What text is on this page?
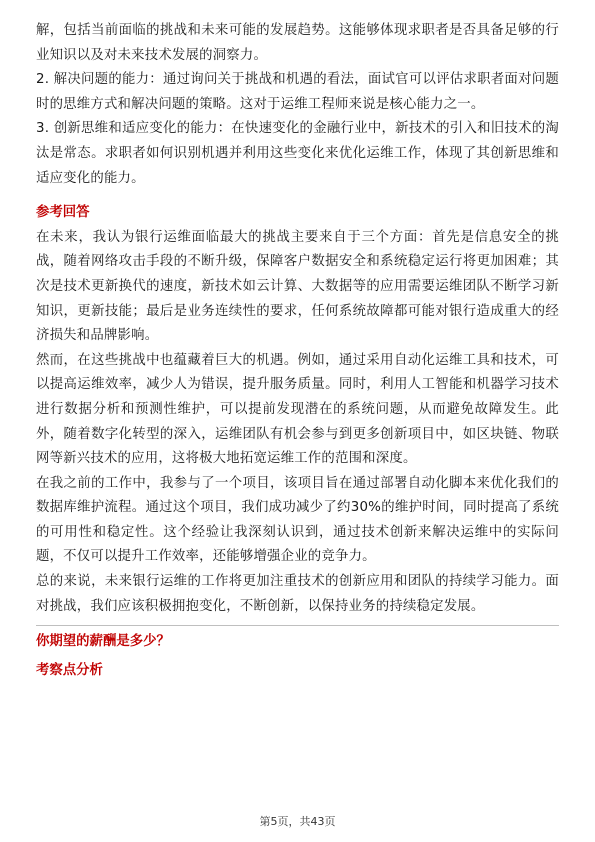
解，包括当前面临的挑战和未来可能的发展趋势。这能够体现求职者是否具备足够的行业知识以及对未来技术发展的洞察力。

2. 解决问题的能力：通过询问关于挑战和机遇的看法，面试官可以评估求职者面对问题时的思维方式和解决问题的策略。这对于运维工程师来说是核心能力之一。

3. 创新思维和适应变化的能力：在快速变化的金融行业中，新技术的引入和旧技术的淘汰是常态。求职者如何识别机遇并利用这些变化来优化运维工作，体现了其创新思维和适应变化的能力。

参考回答

在未来，我认为银行运维面临最大的挑战主要来自于三个方面：首先是信息安全的挑战，随着网络攻击手段的不断升级，保障客户数据安全和系统稳定运行将更加困难；其次是技术更新换代的速度，新技术如云计算、大数据等的应用需要运维团队不断学习新知识，更新技能；最后是业务连续性的要求，任何系统故障都可能对银行造成重大的经济损失和品牌影响。

然而，在这些挑战中也蕴藏着巨大的机遇。例如，通过采用自动化运维工具和技术，可以提高运维效率，减少人为错误，提升服务质量。同时，利用人工智能和机器学习技术进行数据分析和预测性维护，可以提前发现潜在的系统问题，从而避免故障发生。此外，随着数字化转型的深入，运维团队有机会参与到更多创新项目中，如区块链、物联网等新兴技术的应用，这将极大地拓宽运维工作的范围和深度。

在我之前的工作中，我参与了一个项目，该项目旨在通过部署自动化脚本来优化我们的数据库维护流程。通过这个项目，我们成功减少了约30%的维护时间，同时提高了系统的可用性和稳定性。这个经验让我深刻认识到，通过技术创新来解决运维中的实际问题，不仅可以提升工作效率，还能够增强企业的竞争力。

总的来说，未来银行运维的工作将更加注重技术的创新应用和团队的持续学习能力。面对挑战，我们应该积极拥抱变化，不断创新，以保持业务的持续稳定发展。

你期望的薪酬是多少？

考察点分析

第5页，共43页
